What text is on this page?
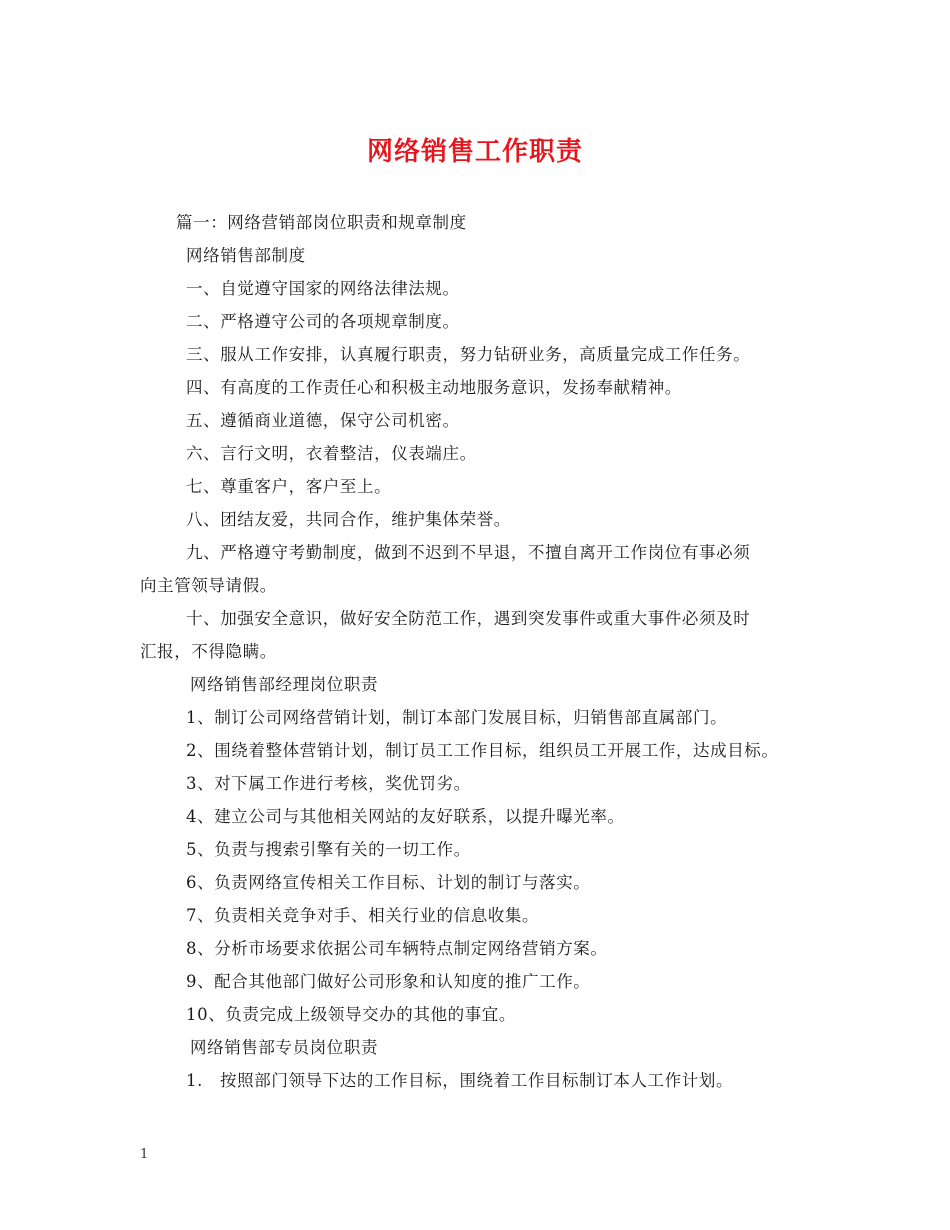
网络销售工作职责
篇一：网络营销部岗位职责和规章制度
网络销售部制度
一、自觉遵守国家的网络法律法规。
二、严格遵守公司的各项规章制度。
三、服从工作安排，认真履行职责，努力钻研业务，高质量完成工作任务。
四、有高度的工作责任心和积极主动地服务意识，发扬奉献精神。
五、遵循商业道德，保守公司机密。
六、言行文明，衣着整洁，仪表端庄。
七、尊重客户，客户至上。
八、团结友爱，共同合作，维护集体荣誉。
九、严格遵守考勤制度，做到不迟到不早退，不擅自离开工作岗位有事必须
向主管领导请假。
十、加强安全意识，做好安全防范工作，遇到突发事件或重大事件必须及时
汇报，不得隐瞒。
网络销售部经理岗位职责
1、制订公司网络营销计划，制订本部门发展目标，归销售部直属部门。
2、围绕着整体营销计划，制订员工工作目标，组织员工开展工作，达成目标。
3、对下属工作进行考核，奖优罚劣。
4、建立公司与其他相关网站的友好联系，以提升曝光率。
5、负责与搜索引擎有关的一切工作。
6、负责网络宣传相关工作目标、计划的制订与落实。
7、负责相关竞争对手、相关行业的信息收集。
8、分析市场要求依据公司车辆特点制定网络营销方案。
9、配合其他部门做好公司形象和认知度的推广工作。
10、负责完成上级领导交办的其他的事宜。
网络销售部专员岗位职责
1.　按照部门领导下达的工作目标，围绕着工作目标制订本人工作计划。
1
